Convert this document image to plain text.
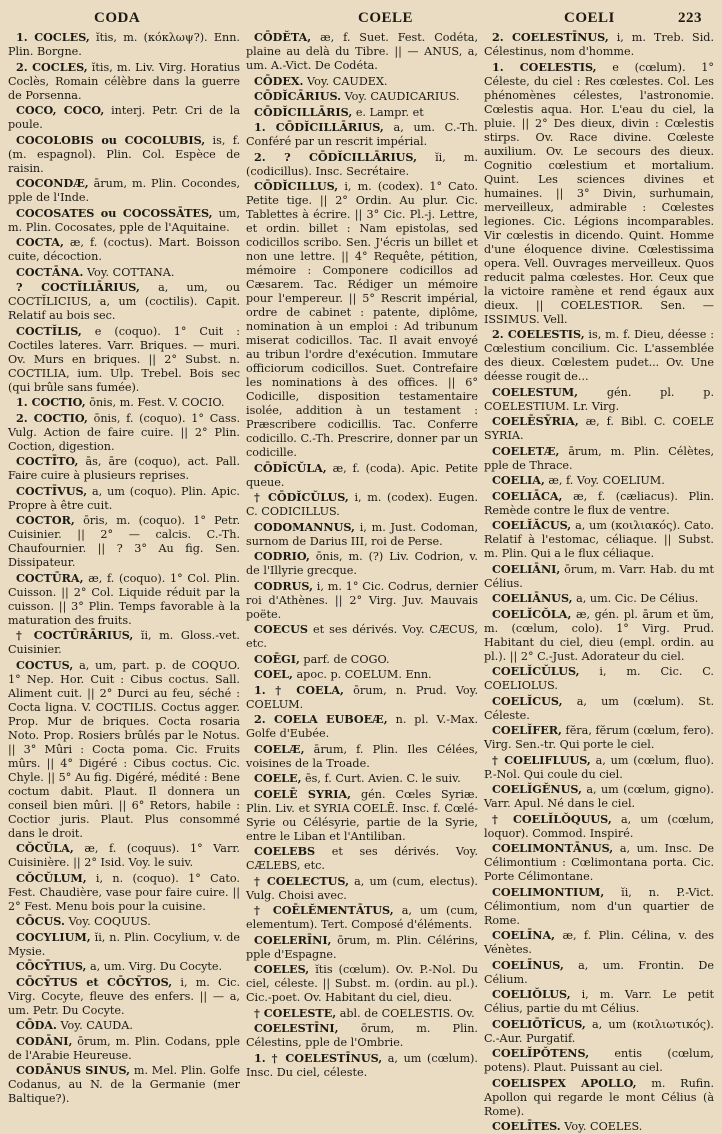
CODA	COELE	COELI	223

1. COCLES, ĭtis, m. (κόκλωψ?). Enn. Plin. Borgne.

2. COCLES, ĭtis, m. Liv. Virg. Horatius Coclès, Romain célèbre dans la guerre de Porsenna.

COCO, COCO, interj. Petr. Cri de la poule.

COCOLOBIS ou COCOLUBIS, is, f. (m. espagnol). Plin. Col. Espèce de raisin.

COCONDÆ, ārum, m. Plin. Cocondes, pple de l'Inde.

COCOSATES ou COCOSSĀTES, um, m. Plin. Cocosates, pple de l'Aquitaine.

COCTA, æ, f. (coctus). Mart. Boisson cuite, décoction.

COCTĀNA. Voy. COTTANA.

? COCTĬLIĀRIUS, a, um, ou COCTĬLICIUS, a, um (coctilis). Capit. Relatif au bois sec.

COCTĬLIS, e (coquo). 1° Cuit : Coctiles lateres. Varr. Briques. — muri. Ov. Murs en briques. || 2° Subst. n. COCTILIA, ium. Ulp. Trebel. Bois sec (qui brûle sans fumée).

1. COCTIO, ōnis, m. Fest. V. COCIO.

2. COCTIO, ōnis, f. (coquo). 1° Cass. Vulg. Action de faire cuire. || 2° Plin. Coction, digestion.

COCTĪTO, ās, āre (coquo), act. Pall. Faire cuire à plusieurs reprises.

COCTĪVUS, a, um (coquo). Plin. Apic. Propre à être cuit.

COCTOR, ōris, m. (coquo). 1° Petr. Cuisinier. || 2° — calcis. C.-Th. Chaufournier. || ? 3° Au fig. Sen. Dissipateur.

COCTŪRA, æ, f. (coquo). 1° Col. Plin. Cuisson. || 2° Col. Liquide réduit par la cuisson. || 3° Plin. Temps favorable à la maturation des fruits.

† COCTŪRĀRIUS, ĭi, m. Gloss.-vet. Cuisinier.

COCTUS, a, um, part. p. de COQUO. 1° Nep. Hor. Cuit : Cibus coctus. Sall. Aliment cuit. || 2° Durci au feu, séché : Cocta ligna. V. COCTILIS. Coctus agger. Prop. Mur de briques. Cocta rosaria Noto. Prop. Rosiers brûlés par le Notus. || 3° Mûri : Cocta poma. Cic. Fruits mûrs. || 4° Digéré : Cibus coctus. Cic. Chyle. || 5° Au fig. Digéré, médité : Bene coctum dabit. Plaut. Il donnera un conseil bien mûri. || 6° Retors, habile : Coctior juris. Plaut. Plus consommé dans le droit.

CŎCŬLA, æ, f. (coquus). 1° Varr. Cuisinière. || 2° Isid. Voy. le suiv.

CŎCŬLUM, i, n. (coquo). 1° Cato. Fest. Chaudière, vase pour faire cuire. || 2° Fest. Menu bois pour la cuisine.

CŌCUS. Voy. COQUUS.

COCYLIUM, ĭi, n. Plin. Cocylium, v. de Mysie.

CŌCȲTIUS, a, um. Virg. Du Cocyte.

CŌCȲTUS et CŌCȲTOS, i, m. Cic. Virg. Cocyte, fleuve des enfers. || — a, um. Petr. Du Cocyte.

CŌDA. Voy. CAUDA.

CODĀNI, ōrum, m. Plin. Codans, pple de l'Arabie Heureuse.

CODĀNUS SINUS, m. Mel. Plin. Golfe Codanus, au N. de la Germanie (mer Baltique?).

CŌDĔTA, æ, f. Suet. Fest. Codéta, plaine au delà du Tibre. || — ANUS, a, um. A.-Vict. De Codéta.

CŌDEX. Voy. CAUDEX.

CŌDĬCĀRIUS. Voy. CAUDICARIUS.

CŌDĬCILLĀRIS, e. Lampr. et

1. CŌDĬCILLĀRIUS, a, um. C.-Th. Conféré par un rescrit impérial.

2. ? CŌDĬCILLĀRIUS, ĭi, m. (codicillus). Insc. Secrétaire.

CŌDĬCILLUS, i, m. (codex). 1° Cato. Petite tige. || 2° Ordin. Au plur. Cic. Tablettes à écrire. || 3° Cic. Pl.-j. Lettre, et ordin. billet : Nam epistolas, sed codicillos scribo. Sen. J'écris un billet et non une lettre. || 4° Requête, pétition, mémoire : Componere codicillos ad Cæsarem. Tac. Rédiger un mémoire pour l'empereur. || 5° Rescrit impérial, ordre de cabinet : patente, diplôme, nomination à un emploi : Ad tribunum miserat codicillos. Tac. Il avait envoyé au tribun l'ordre d'exécution. Immutare officiorum codicillos. Suet. Contrefaire les nominations à des offices. || 6° Codicille, disposition testamentaire isolée, addition à un testament : Præscribere codicillis. Tac. Conferre codicillo. C.-Th. Prescrire, donner par un codicille.

CŌDĬCŬLA, æ, f. (coda). Apic. Petite queue.

† CŌDĬCŬLUS, i, m. (codex). Eugen. C. CODICILLUS.

CODOMANNUS, i, m. Just. Codoman, surnom de Darius III, roi de Perse.

CODRIO, ōnis, m. (?) Liv. Codrion, v. de l'Illyrie grecque.

CODRUS, i, m. 1° Cic. Codrus, dernier roi d'Athènes. || 2° Virg. Juv. Mauvais poëte.

COECUS et ses dérivés. Voy. CÆCUS, etc.

COĒGI, parf. de COGO.

COEL, apoc. p. COELUM. Enn.

1. † COELA, ōrum, n. Prud. Voy. COELUM.

2. COELA EUBOEÆ, n. pl. V.-Max. Golfe d'Eubée.

COELÆ, ārum, f. Plin. Iles Célées, voisines de la Troade.

COELE, ēs, f. Curt. Avien. C. le suiv.

COELĒ SYRIA, gén. Cœles Syriæ. Plin. Liv. et SYRIA COELĒ. Insc. f. Cœlé-Syrie ou Célésyrie, partie de la Syrie, entre le Liban et l'Antiliban.

COELEBS et ses dérivés. Voy. CÆLEBS, etc.

† COELECTUS, a, um (cum, electus). Vulg. Choisi avec.

† COĒLĔMENTĀTUS, a, um (cum, elementum). Tert. Composé d'éléments.

COELERĪNI, ōrum, m. Plin. Célérins, pple d'Espagne.

COELES, ĭtis (cœlum). Ov. P.-Nol. Du ciel, céleste. || Subst. m. (ordin. au pl.). Cic.-poet. Ov. Habitant du ciel, dieu.

† COELESTE, abl. de COELESTIS. Ov.

COELESTĪNI, ōrum, m. Plin. Célestins, pple de l'Ombrie.

1. † COELESTĪNUS, a, um (cœlum). Insc. Du ciel, céleste.

2. COELESTĪNUS, i, m. Treb. Sid. Célestinus, nom d'homme.

1. COELESTIS, e (cœlum). 1° Céleste, du ciel : Res cœlestes. Col. Les phénomènes célestes, l'astronomie. Cœlestis aqua. Hor. L'eau du ciel, la pluie. || 2° Des dieux, divin : Cœlestis stirps. Ov. Race divine. Cœleste auxilium. Ov. Le secours des dieux. Cognitio cœlestium et mortalium. Quint. Les sciences divines et humaines. || 3° Divin, surhumain, merveilleux, admirable : Cœlestes legiones. Cic. Légions incomparables. Vir cœlestis in dicendo. Quint. Homme d'une éloquence divine. Cœlestissima opera. Vell. Ouvrages merveilleux. Quos reducit palma cœlestes. Hor. Ceux que la victoire ramène et rend égaux aux dieux. || COELESTIOR. Sen. — ISSIMUS. Vell.

2. COELESTIS, is, m. f. Dieu, déesse : Cœlestium concilium. Cic. L'assemblée des dieux. Cœlestem pudet... Ov. Une déesse rougit de...

COELESTUM,	gén. pl. p. COELESTIUM. Lr. Virg.

COELĒSȲRIA, æ, f. Bibl. C. COELE SYRIA.

COELETÆ, ārum, m. Plin. Célètes, pple de Thrace.

COELIA, æ, f. Voy. COELIUM.

COELIĀCA, æ, f. (cæliacus). Plin. Remède contre le flux de ventre.

COELĬĂCUS, a, um (κοιλιακός). Cato. Relatif à l'estomac, céliaque. || Subst. m. Plin. Qui a le flux céliaque.

COELIĀNI, ōrum, m. Varr. Hab. du mt Célius.

COELIĀNUS, a, um. Cic. De Célius.

COELĬCŎLA, æ, gén. pl. ārum et ŭm, m. (cœlum, colo). 1° Virg. Prud. Habitant du ciel, dieu (empl. ordin. au pl.). || 2° C.-Just. Adorateur du ciel.

COELĬCŬLUS, i, m. Cic. C. COELIOLUS.

COELĬCUS, a, um (cœlum). St. Céleste.

COELĬFER, fĕra, fĕrum (cœlum, fero). Virg. Sen.-tr. Qui porte le ciel.

† COELIFLUUS, a, um (cœlum, fluo). P.-Nol. Qui coule du ciel.

COELĬGĔNUS, a, um (cœlum, gigno). Varr. Apul. Né dans le ciel.

† COELĬLŎQUUS, a, um (cœlum, loquor). Commod. Inspiré.

COELIMONTĀNUS, a, um. Insc. De Célimontium : Cœlimontana porta. Cic. Porte Célimontane.

COELIMONTIUM, ĭi, n. P.-Vict. Célimontium, nom d'un quartier de Rome.

COELĪNA, æ, f. Plin. Célina, v. des Vénètes.

COELĪNUS, a, um. Frontin. De Célium.

COELIŎLUS, i, m. Varr. Le petit Célius, partie du mt Célius.

COELIŌTĬCUS, a, um (κοιλιωτικός). C.-Aur. Purgatif.

COELĬPŎTENS, entis (cœlum, potens). Plaut. Puissant au ciel.

COELISPEX APOLLO, m. Rufin. Apollon qui regarde le mont Célius (à Rome).

COELĪTES. Voy. COELES.
